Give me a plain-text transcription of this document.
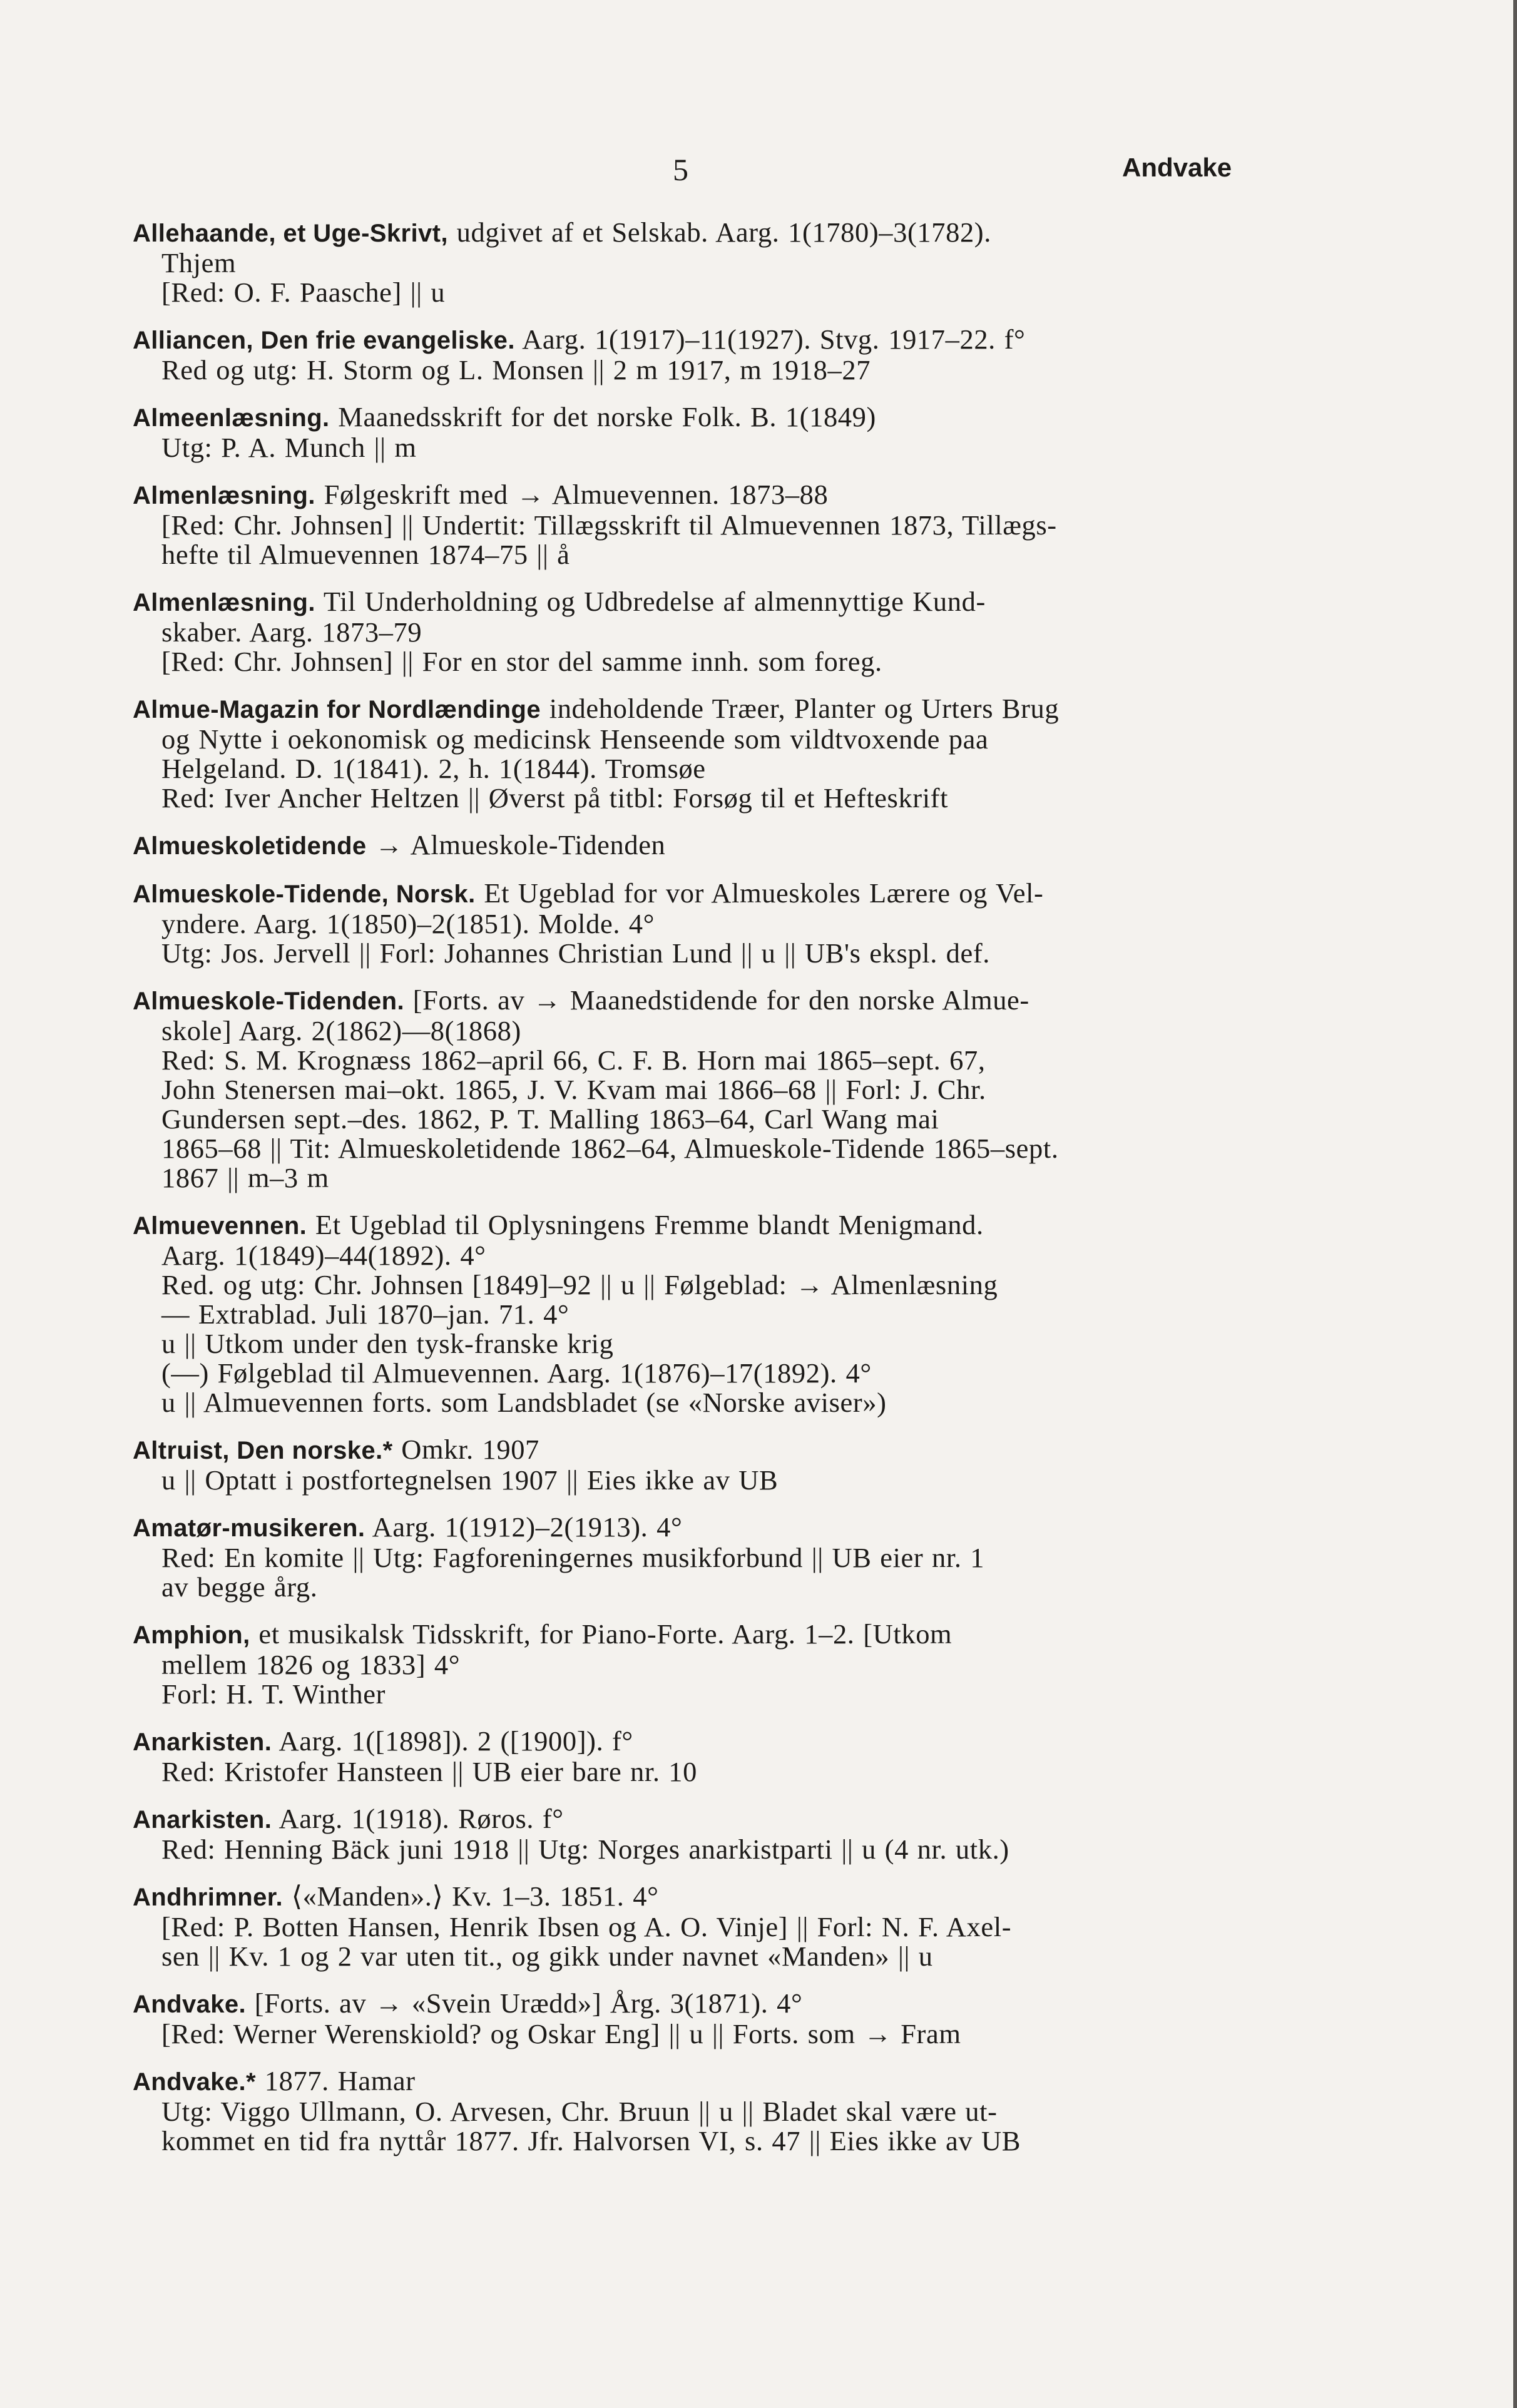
5	Andvake
Allehaande, et Uge-Skrivt, udgivet af et Selskab. Aarg. 1(1780)–3(1782).
Thjem
[Red: O. F. Paasche] || u
Alliancen, Den frie evangeliske. Aarg. 1(1917)–11(1927). Stvg. 1917–22. f°
Red og utg: H. Storm og L. Monsen || 2 m 1917, m 1918–27
Almeenlæsning. Maanedsskrift for det norske Folk. B. 1(1849)
Utg: P. A. Munch || m
Almenlæsning. Følgeskrift med → Almuevennen. 1873–88
[Red: Chr. Johnsen] || Undertit: Tillægsskrift til Almuevennen 1873, Tillægs-
hefte til Almuevennen 1874–75 || å
Almenlæsning. Til Underholdning og Udbredelse af almennyttige Kund-
skaber. Aarg. 1873–79
[Red: Chr. Johnsen] || For en stor del samme innh. som foreg.
Almue-Magazin for Nordlændinge indeholdende Træer, Planter og Urters Brug
og Nytte i oekonomisk og medicinsk Henseende som vildtvoxende paa
Helgeland. D. 1(1841). 2, h. 1(1844). Tromsøe
Red: Iver Ancher Heltzen || Øverst på titbl: Forsøg til et Hefteskrift
Almueskoletidende → Almueskole-Tidenden
Almueskole-Tidende, Norsk. Et Ugeblad for vor Almueskoles Lærere og Vel-
yndere. Aarg. 1(1850)–2(1851). Molde. 4°
Utg: Jos. Jervell || Forl: Johannes Christian Lund || u || UB's ekspl. def.
Almueskole-Tidenden. [Forts. av → Maanedstidende for den norske Almue-
skole] Aarg. 2(1862)—8(1868)
Red: S. M. Krognæss 1862–april 66, C. F. B. Horn mai 1865–sept. 67,
John Stenersen mai–okt. 1865, J. V. Kvam mai 1866–68 || Forl: J. Chr.
Gundersen sept.–des. 1862, P. T. Malling 1863–64, Carl Wang mai
1865–68 || Tit: Almueskoletidende 1862–64, Almueskole-Tidende 1865–sept.
1867 || m–3 m
Almuevennen. Et Ugeblad til Oplysningens Fremme blandt Menigmand.
Aarg. 1(1849)–44(1892). 4°
Red. og utg: Chr. Johnsen [1849]–92 || u || Følgeblad: → Almenlæsning
— Extrablad. Juli 1870–jan. 71. 4°
u || Utkom under den tysk-franske krig
(—) Følgeblad til Almuevennen. Aarg. 1(1876)–17(1892). 4°
u || Almuevennen forts. som Landsbladet (se «Norske aviser»)
Altruist, Den norske.* Omkr. 1907
u || Optatt i postfortegnelsen 1907 || Eies ikke av UB
Amatør-musikeren. Aarg. 1(1912)–2(1913). 4°
Red: En komite || Utg: Fagforeningernes musikforbund || UB eier nr. 1
av begge årg.
Amphion, et musikalsk Tidsskrift, for Piano-Forte. Aarg. 1–2. [Utkom
mellem 1826 og 1833] 4°
Forl: H. T. Winther
Anarkisten. Aarg. 1([1898]). 2 ([1900]). f°
Red: Kristofer Hansteen || UB eier bare nr. 10
Anarkisten. Aarg. 1(1918). Røros. f°
Red: Henning Bäck juni 1918 || Utg: Norges anarkistparti || u (4 nr. utk.)
Andhrimner. ⟨«Manden».⟩ Kv. 1–3. 1851. 4°
[Red: P. Botten Hansen, Henrik Ibsen og A. O. Vinje] || Forl: N. F. Axel-
sen || Kv. 1 og 2 var uten tit., og gikk under navnet «Manden» || u
Andvake. [Forts. av → «Svein Urædd»] Årg. 3(1871). 4°
[Red: Werner Werenskiold? og Oskar Eng] || u || Forts. som → Fram
Andvake.* 1877. Hamar
Utg: Viggo Ullmann, O. Arvesen, Chr. Bruun || u || Bladet skal være ut-
kommet en tid fra nyttår 1877. Jfr. Halvorsen VI, s. 47 || Eies ikke av UB
